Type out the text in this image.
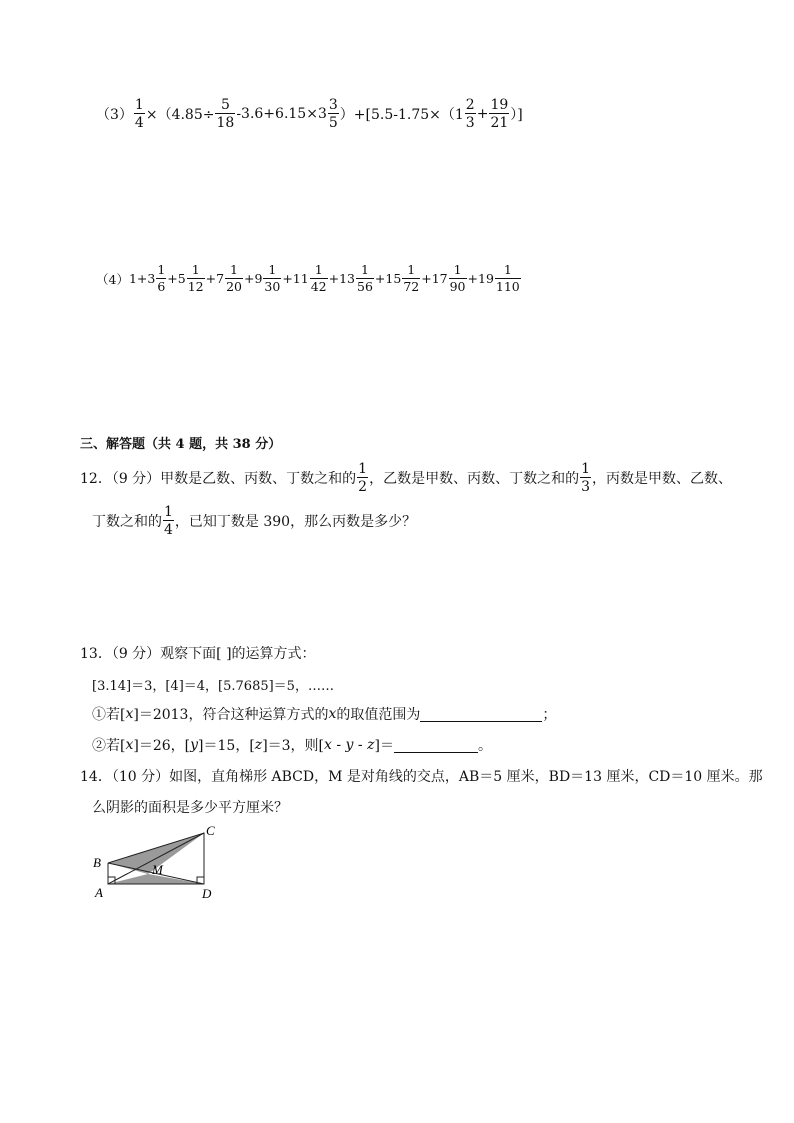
$(3) \frac{1}{4} \times(4.85\div \frac{5}{18} -3.6+6.15\times 3 \frac{3}{5} )+[5.5-1.75\times(1 \frac{2}{3} + \frac{19}{21}$ ）]
（4） $1+3 \frac{1}{6} +5 \frac{1}{12} +7 \frac{1}{20} +9 \frac{1}{30} +11 \frac{1}{42} +13 \frac{1}{56} +15 \frac{1}{72} +17 \frac{1}{90} +19 \frac{1}{110}$
三、解答题（共 4 题，共 38 分）
12．（9 分）甲数是乙数、丙数、丁数之和的 $\frac{1}{2}$ ，乙数是甲数、丙数、丁数之和的 $\frac{1}{3}$ ，丙数是甲数、乙数、
丁数之和的 $\frac{1}{4}$ ，已知丁数是 390，那么丙数是多少？
13．（9 分）观察下面[ ]的运算方式：
[3.14]＝3，[4]＝4，[5.7685]＝5，……
①若[ x ]＝2013，符合这种运算方式的 x 的取值范围为	；
②若[ x ]＝26，[ y ]＝15，[ z ]＝3，则[ x - y - z ]＝	。
14．（10 分）如图，直角梯形 ABCD，M 是对角线的交点，AB＝5 厘米，BD＝13 厘米，CD＝10 厘米。那
么阴影的面积是多少平方厘米？
C
B	M
A	D
